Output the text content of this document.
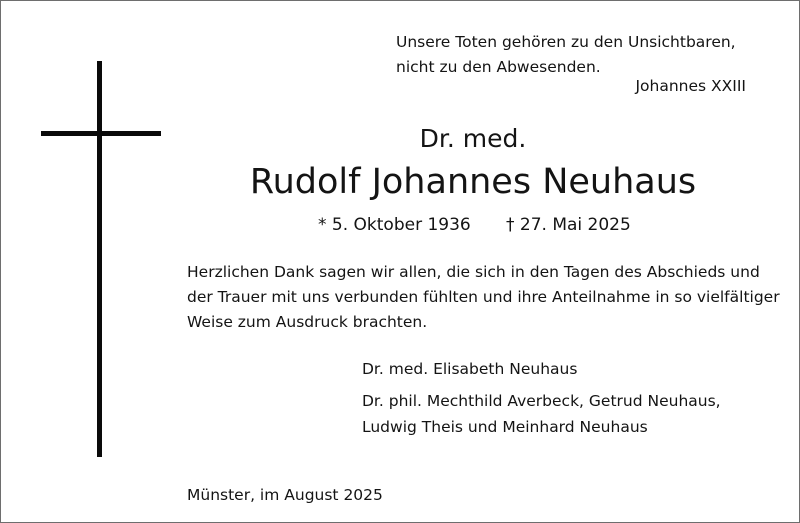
Unsere Toten gehören zu den Unsichtbaren,
nicht zu den Abwesenden.
Johannes XXIII
Dr. med.
Rudolf Johannes Neuhaus
* 5. Oktober 1936 † 27. Mai 2025
Herzlichen Dank sagen wir allen, die sich in den Tagen des Abschieds und
der Trauer mit uns verbunden fühlten und ihre Anteilnahme in so vielfältiger
Weise zum Ausdruck brachten.
Dr. med. Elisabeth Neuhaus
Dr. phil. Mechthild Averbeck, Getrud Neuhaus,
Ludwig Theis und Meinhard Neuhaus
Münster, im August 2025
